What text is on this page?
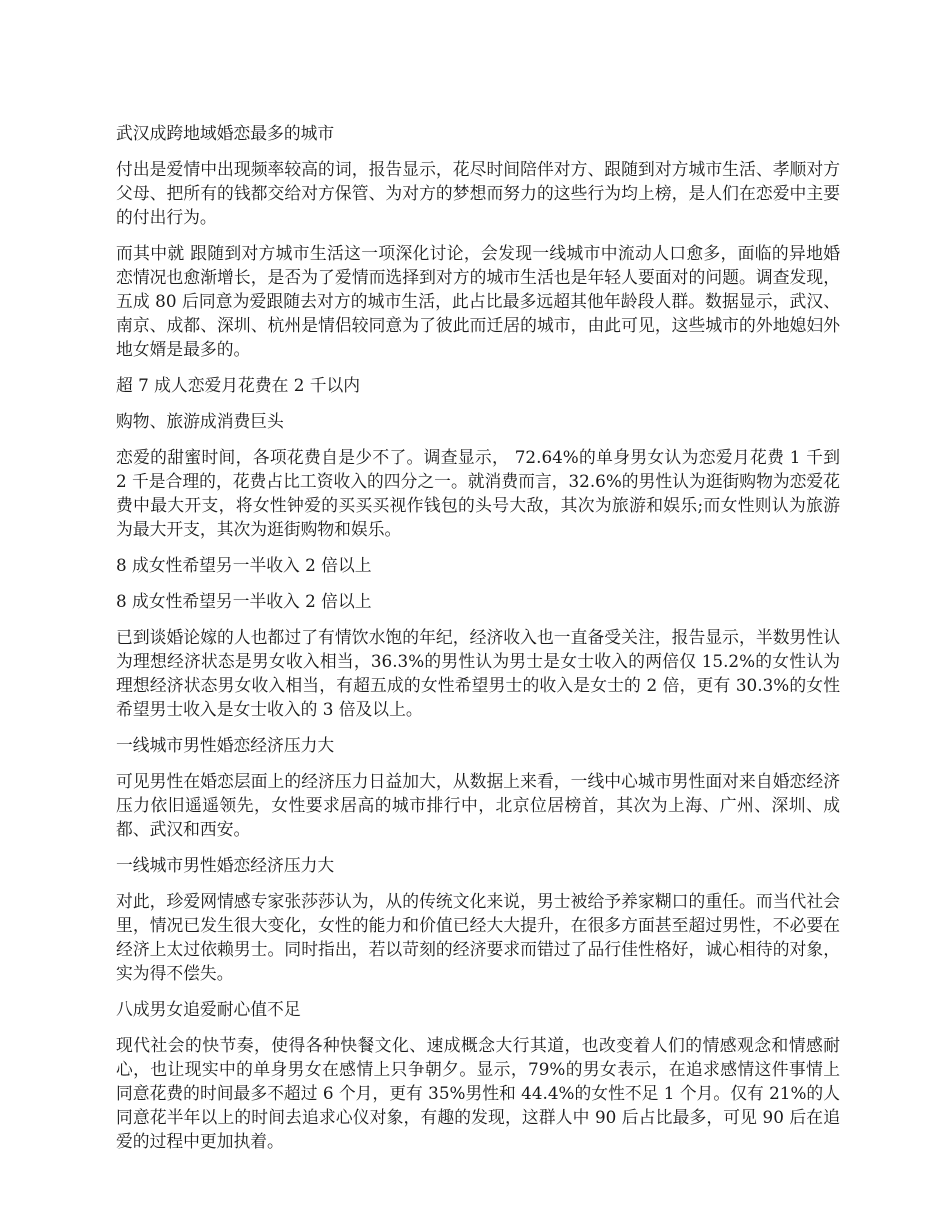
武汉成跨地域婚恋最多的城市

付出是爱情中出现频率较高的词，报告显示，花尽时间陪伴对方、跟随到对方城市生活、孝顺对方父母、把所有的钱都交给对方保管、为对方的梦想而努力的这些行为均上榜，是人们在恋爱中主要的付出行为。

而其中就 跟随到对方城市生活这一项深化讨论，会发现一线城市中流动人口愈多，面临的异地婚恋情况也愈渐增长，是否为了爱情而选择到对方的城市生活也是年轻人要面对的问题。调查发现，五成 80 后同意为爱跟随去对方的城市生活，此占比最多远超其他年龄段人群。数据显示，武汉、南京、成都、深圳、杭州是情侣较同意为了彼此而迁居的城市，由此可见，这些城市的外地媳妇外地女婿是最多的。

超 7 成人恋爱月花费在 2 千以内

购物、旅游成消费巨头

恋爱的甜蜜时间，各项花费自是少不了。调查显示， 72.64%的单身男女认为恋爱月花费 1 千到 2 千是合理的，花费占比工资收入的四分之一。就消费而言，32.6%的男性认为逛街购物为恋爱花费中最大开支，将女性钟爱的买买买视作钱包的头号大敌，其次为旅游和娱乐;而女性则认为旅游为最大开支，其次为逛街购物和娱乐。

8 成女性希望另一半收入 2 倍以上

8 成女性希望另一半收入 2 倍以上

已到谈婚论嫁的人也都过了有情饮水饱的年纪，经济收入也一直备受关注，报告显示，半数男性认为理想经济状态是男女收入相当，36.3%的男性认为男士是女士收入的两倍仅 15.2%的女性认为理想经济状态男女收入相当，有超五成的女性希望男士的收入是女士的 2 倍，更有 30.3%的女性希望男士收入是女士收入的 3 倍及以上。

一线城市男性婚恋经济压力大

可见男性在婚恋层面上的经济压力日益加大，从数据上来看，一线中心城市男性面对来自婚恋经济压力依旧遥遥领先，女性要求居高的城市排行中，北京位居榜首，其次为上海、广州、深圳、成都、武汉和西安。

一线城市男性婚恋经济压力大

对此，珍爱网情感专家张莎莎认为，从的传统文化来说，男士被给予养家糊口的重任。而当代社会里，情况已发生很大变化，女性的能力和价值已经大大提升，在很多方面甚至超过男性，不必要在经济上太过依赖男士。同时指出，若以苛刻的经济要求而错过了品行佳性格好，诚心相待的对象，实为得不偿失。

八成男女追爱耐心值不足

现代社会的快节奏，使得各种快餐文化、速成概念大行其道，也改变着人们的情感观念和情感耐心，也让现实中的单身男女在感情上只争朝夕。显示，79%的男女表示，在追求感情这件事情上同意花费的时间最多不超过 6 个月，更有 35%男性和 44.4%的女性不足 1 个月。仅有 21%的人同意花半年以上的时间去追求心仪对象，有趣的发现，这群人中 90 后占比最多，可见 90 后在追爱的过程中更加执着。
